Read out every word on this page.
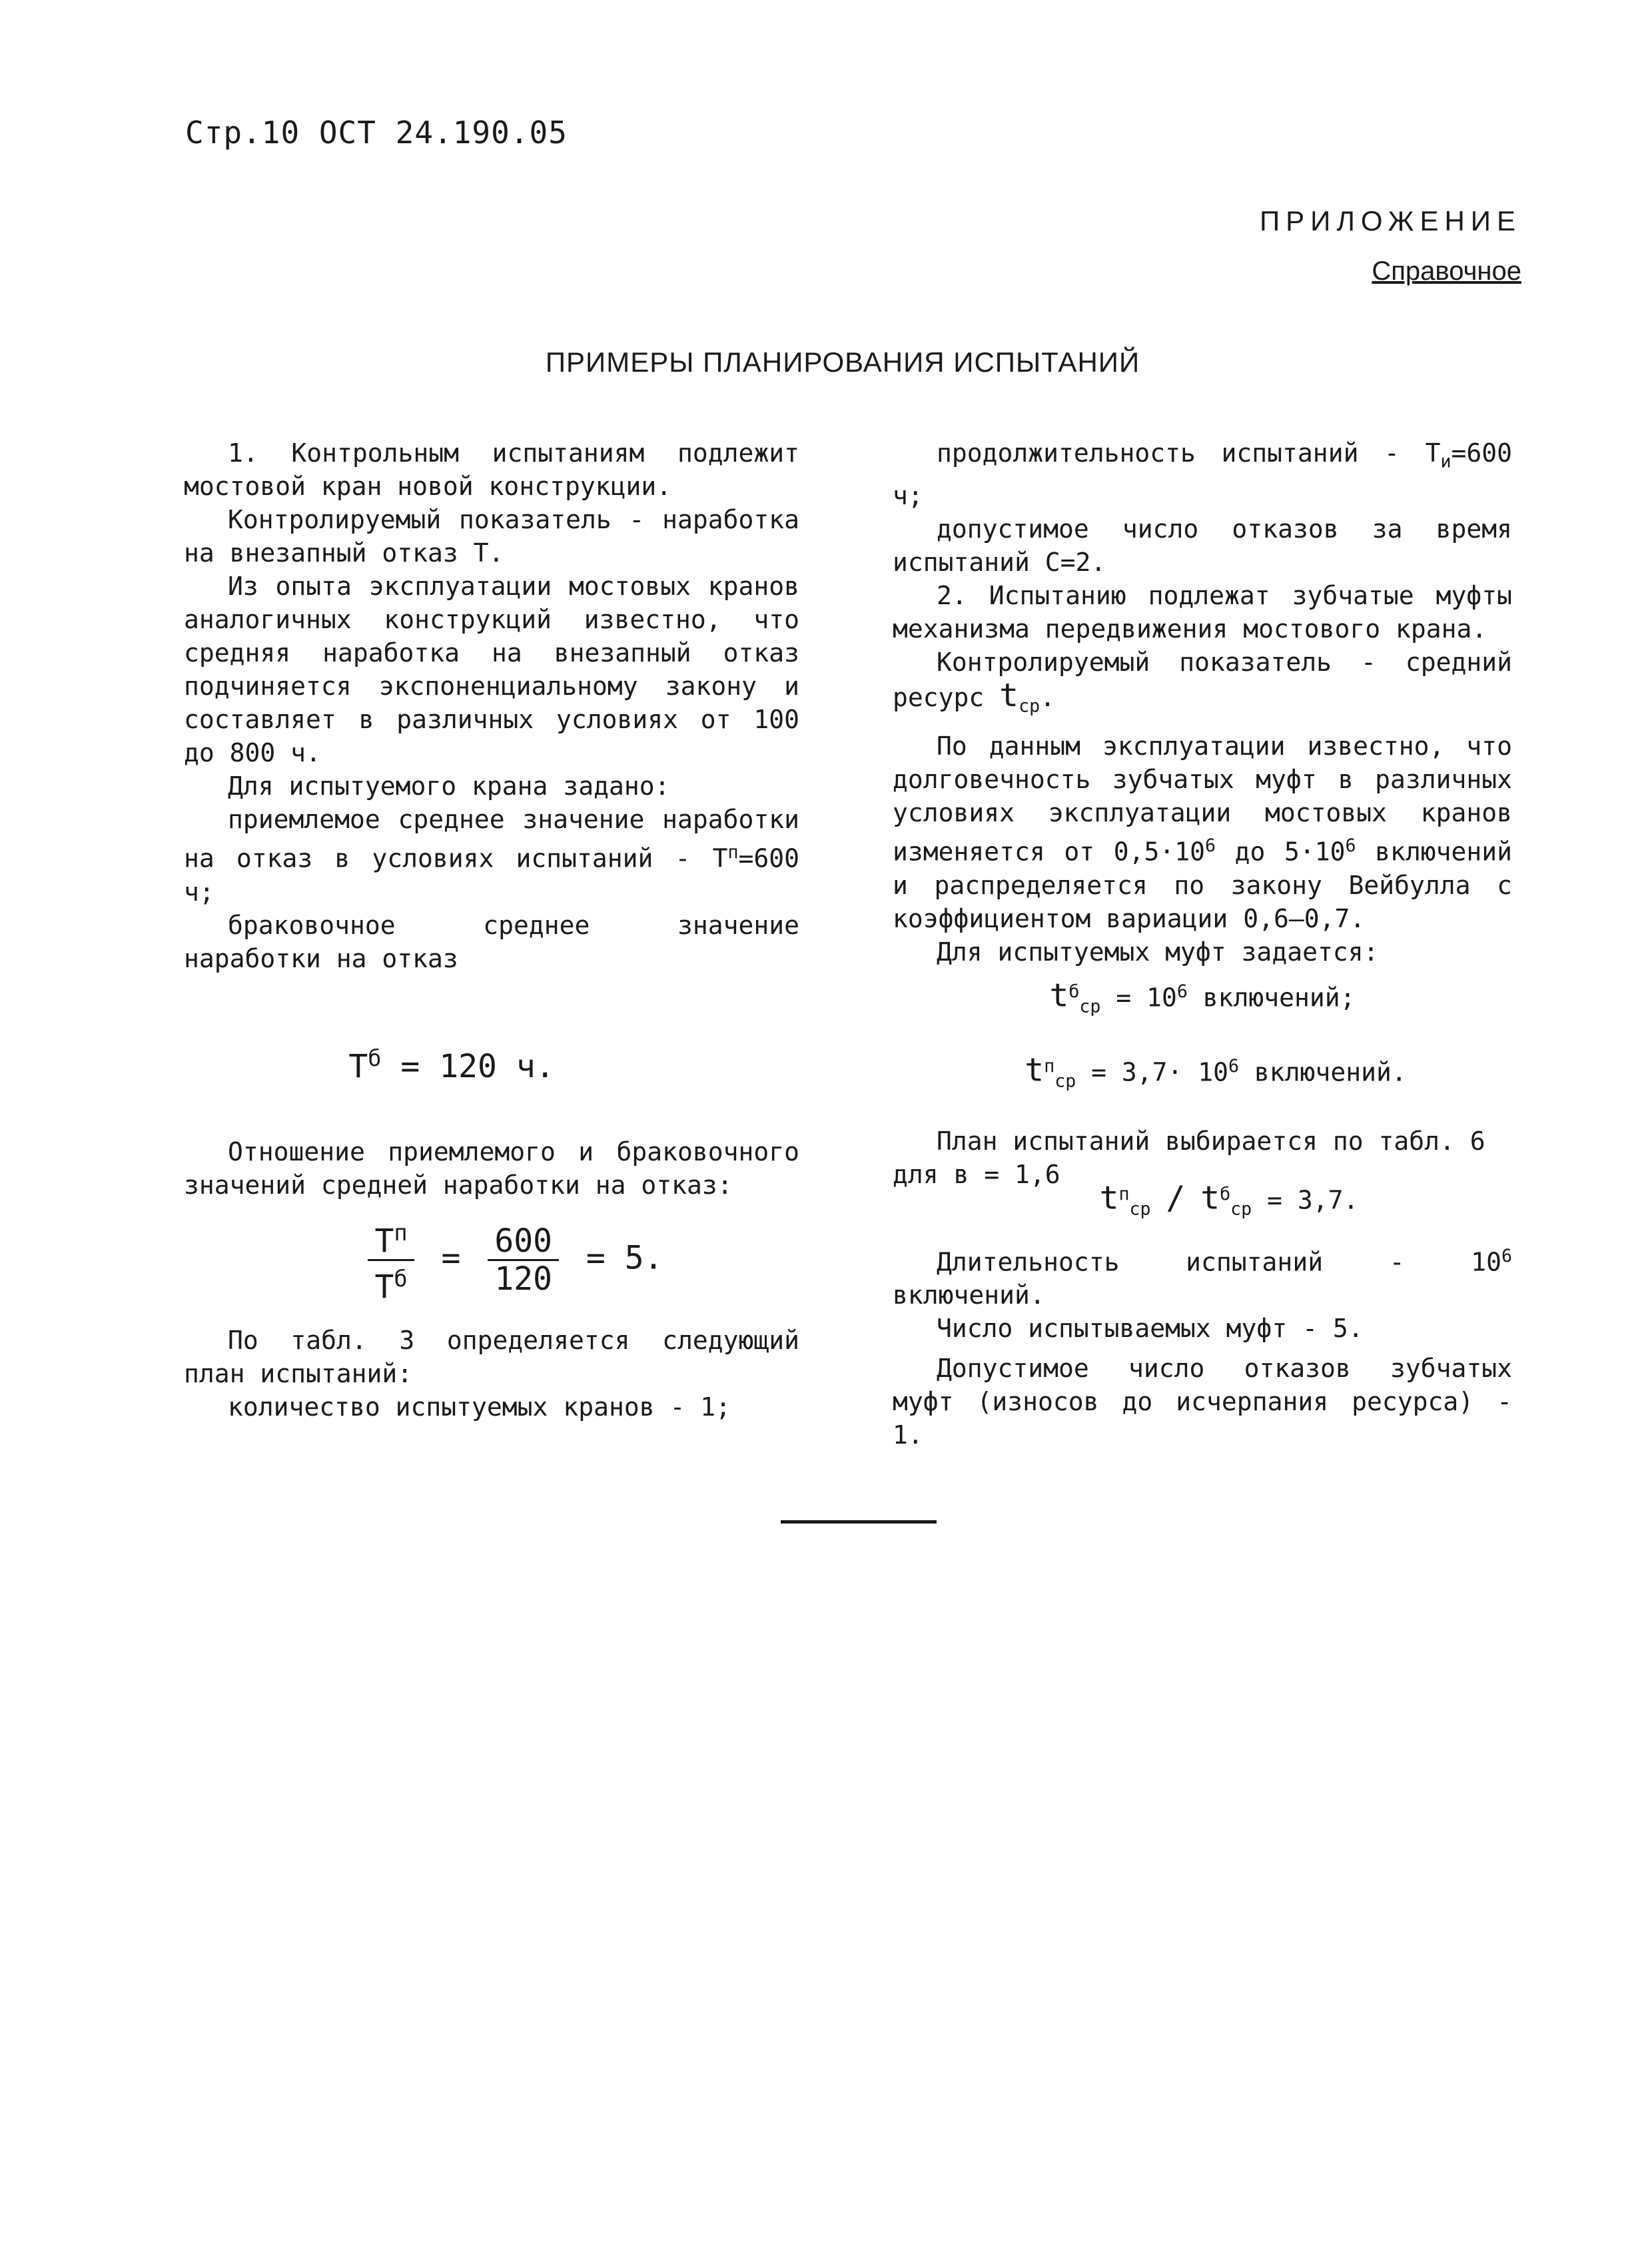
Стр.10 ОСТ 24.190.05
ПРИЛОЖЕНИЕ
Справочное
ПРИМЕРЫ ПЛАНИРОВАНИЯ ИСПЫТАНИЙ

1. Контрольным испытаниям подлежит мостовой кран новой конструкции.

Контролируемый показатель - наработка на внезапный отказ Т.

Из опыта эксплуатации мостовых кранов аналогичных конструкций известно, что средняя наработка на внезапный отказ подчиняется экспоненциальному закону и составляет в различных условиях от 100 до 800 ч.

Для испытуемого крана задано:

приемлемое среднее значение наработки на отказ в условиях испытаний - $Т^п=600$ ч;

браковочное среднее значение наработки на отказ

$Т^б = 120$ ч.

Отношение приемлемого и браковочного значений средней наработки на отказ:

$\frac{Т^п}{Т^б} = \frac{600}{120} = 5$.

По табл. 3 определяется следующий план испытаний:

количество испытуемых кранов - 1;

продолжительность испытаний - $Т_и=600$ ч;

допустимое число отказов за время испытаний С=2.

2. Испытанию подлежат зубчатые муфты механизма передвижения мостового крана.

Контролируемый показатель - средний ресурс $t_{ср}$.

По данным эксплуатации известно, что долговечность зубчатых муфт в различных условиях эксплуатации мостовых кранов изменяется от $0,5\cdot 10^6$ до $5\cdot 10^6$ включений и распределяется по закону Вейбулла с коэффициентом вариации 0,6–0,7.

Для испытуемых муфт задается:

$t^б_{ср} = 10^6$ включений;

$t^п_{ср} = 3,7\cdot 10^6$ включений.

План испытаний выбирается по табл. 6

для в = 1,6

$t^п_{ср} / t^б_{ср} = 3,7$.

Длительность испытаний - $10^6$ включений.

Число испытываемых муфт - 5.

Допустимое число отказов зубчатых муфт (износов до исчерпания ресурса) - 1.
